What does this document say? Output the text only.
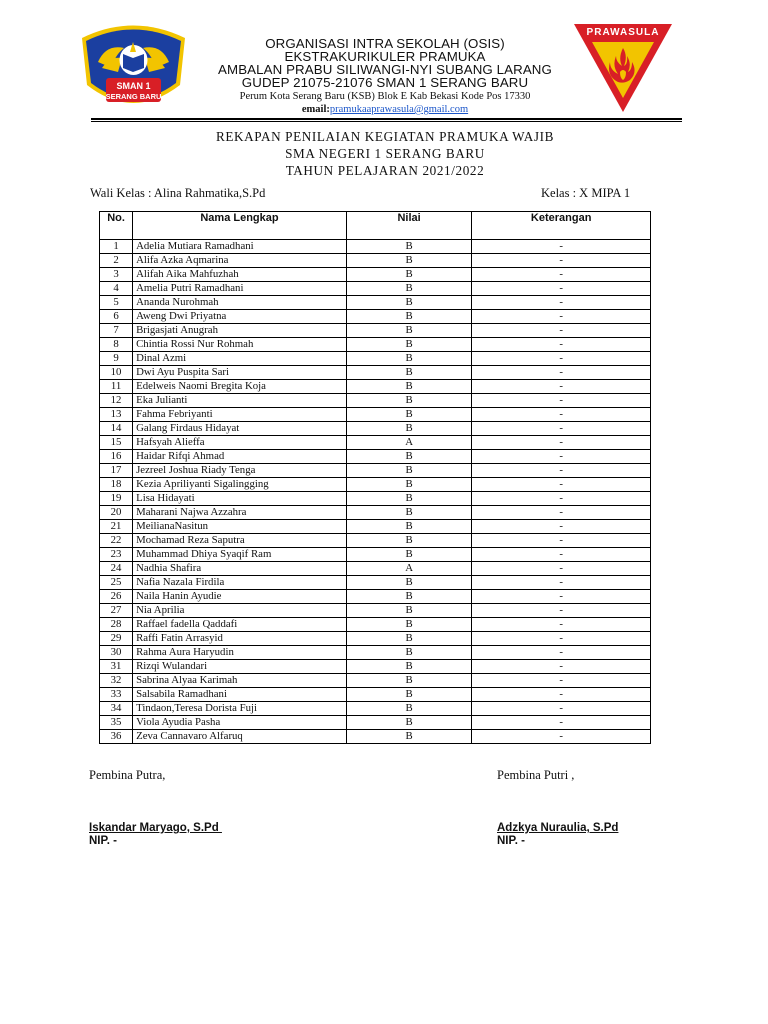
SMAN 1
SERANG BARU
PRAWASULA
ORGANISASI INTRA SEKOLAH (OSIS)
EKSTRAKURIKULER PRAMUKA
AMBALAN PRABU SILIWANGI-NYI SUBANG LARANG
GUDEP 21075-21076 SMAN 1 SERANG BARU
Perum Kota Serang Baru (KSB) Blok E Kab Bekasi Kode Pos 17330
email:pramukaaprawasula@gmail.com
REKAPAN PENILAIAN KEGIATAN PRAMUKA WAJIB
SMA NEGERI 1 SERANG BARU
TAHUN PELAJARAN 2021/2022
Wali Kelas : Alina Rahmatika,S.Pd	Kelas : X MIPA 1
No.	Nama Lengkap	Nilai	Keterangan
1	Adelia Mutiara Ramadhani	B	-
2	Alifa Azka Aqmarina	B	-
3	Alifah Aika Mahfuzhah	B	-
4	Amelia Putri Ramadhani	B	-
5	Ananda Nurohmah	B	-
6	Aweng Dwi Priyatna	B	-
7	Brigasjati Anugrah	B	-
8	Chintia Rossi Nur Rohmah	B	-
9	Dinal Azmi	B	-
10	Dwi Ayu Puspita Sari	B	-
11	Edelweis Naomi Bregita Koja	B	-
12	Eka Julianti	B	-
13	Fahma Febriyanti	B	-
14	Galang Firdaus Hidayat	B	-
15	Hafsyah Alieffa	A	-
16	Haidar Rifqi Ahmad	B	-
17	Jezreel Joshua Riady Tenga	B	-
18	Kezia Apriliyanti Sigalingging	B	-
19	Lisa Hidayati	B	-
20	Maharani Najwa Azzahra	B	-
21	MeilianaNasitun	B	-
22	Mochamad Reza Saputra	B	-
23	Muhammad Dhiya Syaqif Ram	B	-
24	Nadhia Shafira	A	-
25	Nafia Nazala Firdila	B	-
26	Naila Hanin Ayudie	B	-
27	Nia Aprilia	B	-
28	Raffael fadella Qaddafi	B	-
29	Raffi Fatin Arrasyid	B	-
30	Rahma Aura Haryudin	B	-
31	Rizqi Wulandari	B	-
32	Sabrina Alyaa Karimah	B	-
33	Salsabila Ramadhani	B	-
34	Tindaon,Teresa Dorista Fuji	B	-
35	Viola Ayudia Pasha	B	-
36	Zeva Cannavaro Alfaruq	B	-
Pembina Putra,	Pembina Putri ,
Iskandar Maryago, S.Pd
NIP. -
Adzkya Nuraulia, S.Pd
NIP. -
